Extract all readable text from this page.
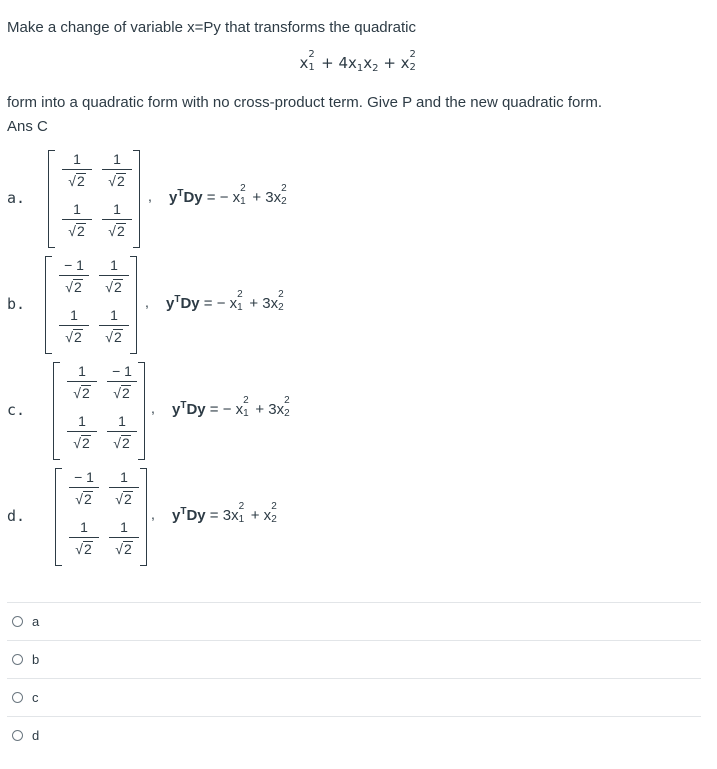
Make a change of variable x=Py that transforms the quadratic
x 2
$1 + 4x_1x_2 + x$ 2
2
form into a quadratic form with no cross-product term. Give P and the new quadratic form.
Ans C
a.
1
√2
1
√2
1
√2
1
√2
, $y^TDy$ = − x
2
1 + 3x
2
2
b.
− 1
√2
1
√2
1
√2
1
√2
, $y^TDy$ = − x
2
1 + 3x
2
2
c.
1
√2
− 1
√2
1
√2
1
√2
, $y^TDy$ = − x
2
1 + 3x
2
2
d.
− 1
√2
1
√2
1
√2
1
√2
, $y^TDy = 3x$
2
1 + x
2
2
a
b
c
d
